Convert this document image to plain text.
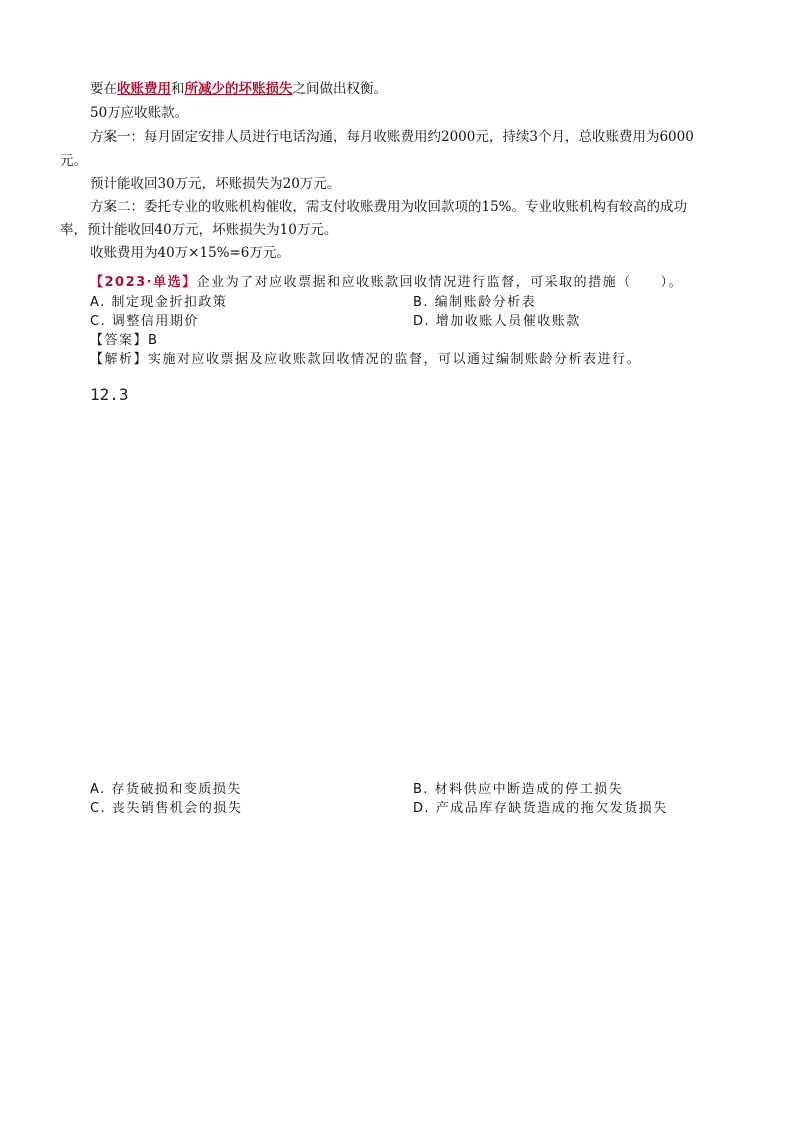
要在收账费用和所减少的坏账损失之间做出权衡。
50万应收账款。
方案一：每月固定安排人员进行电话沟通，每月收账费用约2000元，持续3个月，总收账费用为6000
元。
预计能收回30万元，坏账损失为20万元。
方案二：委托专业的收账机构催收，需支付收账费用为收回款项的15%。专业收账机构有较高的成功
率，预计能收回40万元，坏账损失为10万元。
收账费用为40万×15%=6万元。
【2023·单选】企业为了对应收票据和应收账款回收情况进行监督，可采取的措施（　　）。
A. 制定现金折扣政策	B. 编制账龄分析表
C. 调整信用期价	D. 增加收账人员催收账款
【答案】B
【解析】实施对应收票据及应收账款回收情况的监督，可以通过编制账龄分析表进行。
12.3
A. 存货破损和变质损失	B. 材料供应中断造成的停工损失
C. 丧失销售机会的损失	D. 产成品库存缺货造成的拖欠发货损失
